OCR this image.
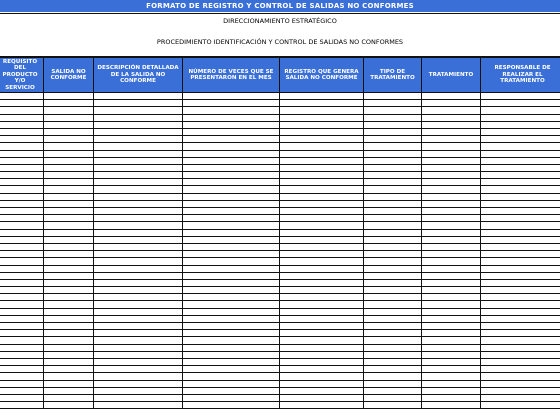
FORMATO DE REGISTRO Y CONTROL DE SALIDAS NO CONFORMES
DIRECCIONAMIENTO ESTRATÉGICO
PROCEDIMIENTO IDENTIFICACIÓN Y CONTROL DE SALIDAS NO CONFORMES
REQUISITO DEL PRODUCTO Y/O SERVICIO	SALIDA NO CONFORME	DESCRIPCIÓN DETALLADA DE LA SALIDA NO CONFORME	NÚMERO DE VECES QUE SE PRESENTARON EN EL MES	REGISTRO QUE GENERA SALIDA NO CONFORME	TIPO DE TRATAMIENTO	TRATAMIENTO	RESPONSABLE DE REALIZAR EL TRATAMIENTO
